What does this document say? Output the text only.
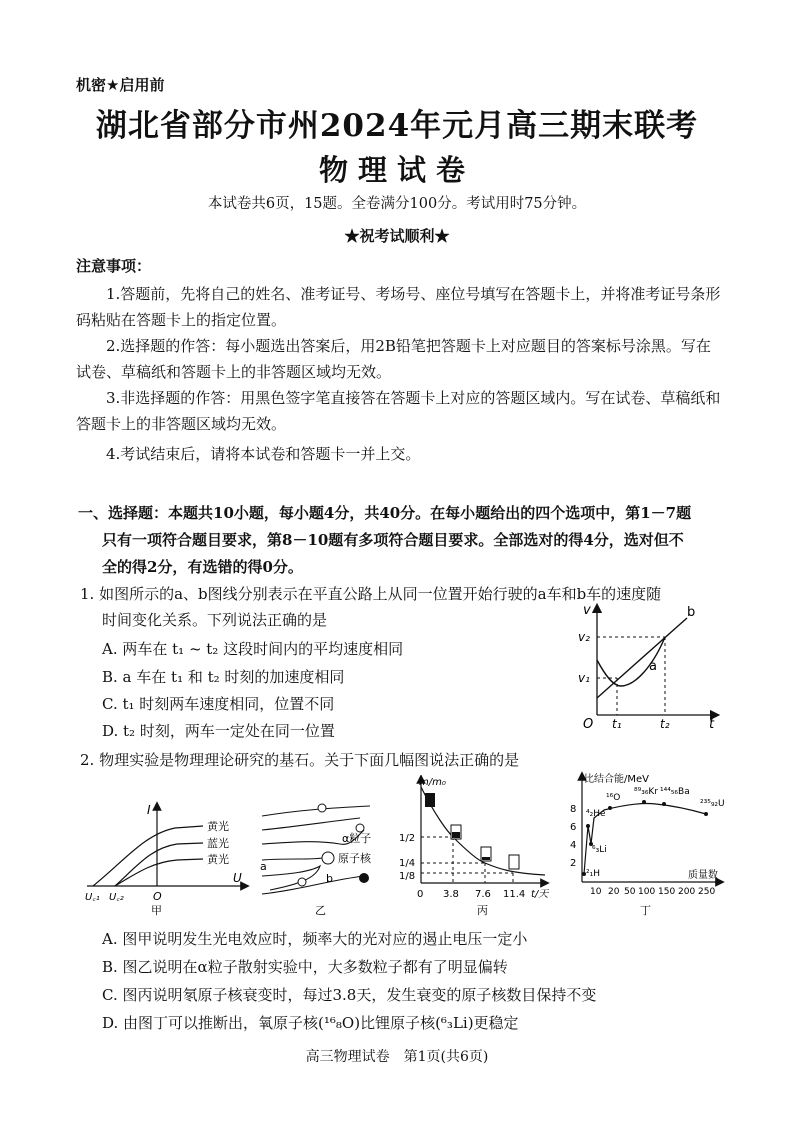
机密★启用前
湖北省部分市州2024年元月高三期末联考
物理试卷
本试卷共6页，15题。全卷满分100分。考试用时75分钟。
★祝考试顺利★
注意事项：
1.答题前，先将自己的姓名、准考证号、考场号、座位号填写在答题卡上，并将准考证号条形码粘贴在答题卡上的指定位置。
2.选择题的作答：每小题选出答案后，用2B铅笔把答题卡上对应题目的答案标号涂黑。写在试卷、草稿纸和答题卡上的非答题区域均无效。
3.非选择题的作答：用黑色签字笔直接答在答题卡上对应的答题区域内。写在试卷、草稿纸和答题卡上的非答题区域均无效。
4.考试结束后，请将本试卷和答题卡一并上交。
一、选择题：本题共10小题，每小题4分，共40分。在每小题给出的四个选项中，第1－7题
只有一项符合题目要求，第8－10题有多项符合题目要求。全部选对的得4分，选对但不
全的得2分，有选错的得0分。
1. 如图所示的a、b图线分别表示在平直公路上从同一位置开始行驶的a车和b车的速度随
时间变化关系。下列说法正确的是
A. 两车在 t₁ ~ t₂ 这段时间内的平均速度相同
B. a 车在 t₁ 和 t₂ 时刻的加速度相同
C. t₁ 时刻两车速度相同，位置不同
D. t₂ 时刻，两车一定处在同一位置
v
t
O
v₂
v₁
t₁	t₂
a
b
2. 物理实验是物理理论研究的基石。关于下面几幅图说法正确的是
I
U
O
U꜀₁ U꜀₂
黄光
蓝光
黄光
甲
α粒子
原子核
a
b
乙
m/m₀
t/天
1/2
1/4
1/8
0 3.8 7.6 11.4
丙
比结合能/MeV
质量数
8
6
4
2
10 20 50 100 150 200 250
⁴₂He
¹⁶O
⁸⁹₃₆Kr ¹⁴⁴₅₆Ba
²³⁵₉₂U
⁶₃Li
²₁H
丁
A. 图甲说明发生光电效应时，频率大的光对应的遏止电压一定小
B. 图乙说明在α粒子散射实验中，大多数粒子都有了明显偏转
C. 图丙说明氡原子核衰变时，每过3.8天，发生衰变的原子核数目保持不变
D. 由图丁可以推断出，氧原子核(¹⁶₈O)比锂原子核(⁶₃Li)更稳定
高三物理试卷　第1页(共6页)
